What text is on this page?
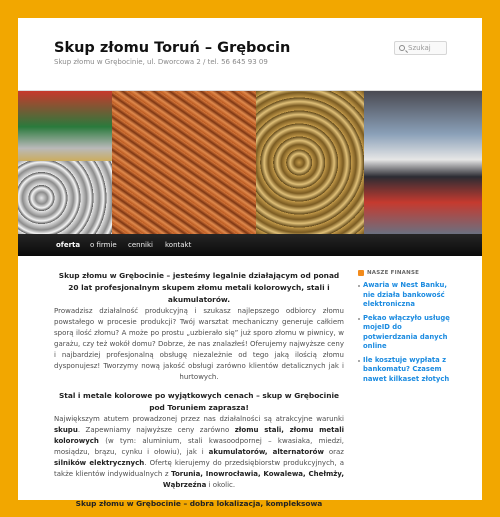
Skup złomu Toruń – Grębocin
Skup złomu w Grębocinie, ul. Dworcowa 2 / tel. 56 645 93 09
Szukaj
oferta	o firmie	cenniki	kontakt
Skup złomu w Grębocinie – jesteśmy legalnie działającym od ponad 20 lat profesjonalnym skupem złomu metali kolorowych, stali i akumulatorów.

Prowadzisz działalność produkcyjną i szukasz najlepszego odbiorcy złomu powstałego w procesie produkcji? Twój warsztat mechaniczny generuje całkiem sporą ilość złomu? A może po prostu „uzbierało się” już sporo złomu w piwnicy, w garażu, czy też wokół domu? Dobrze, że nas znalazłeś! Oferujemy najwyższe ceny i najbardziej profesjonalną obsługę niezależnie od tego jaką ilością złomu dysponujesz! Tworzymy nową jakość obsługi zarówno klientów detalicznych jak i hurtowych.

Stal i metale kolorowe po wyjątkowych cenach – skup w Grębocinie pod Toruniem zaprasza!

Największym atutem prowadzonej przez nas działalności są atrakcyjne warunki skupu. Zapewniamy najwyższe ceny zarówno złomu stali, złomu metali kolorowych (w tym: aluminium, stali kwasoodpornej – kwasiaka, miedzi, mosiądzu, brązu, cynku i ołowiu), jak i akumulatorów, alternatorów oraz silników elektrycznych. Ofertę kierujemy do przedsiębiorstw produkcyjnych, a także klientów indywidualnych z Torunia, Inowrocławia, Kowalewa, Chełmży, Wąbrzeźna i okolic.

Skup złomu w Grębocinie – dobra lokalizacja, kompleksowa
NASZE FINANSE
Awaria w Nest Banku, nie działa bankowość elektroniczna
Pekao włączyło usługę mojeID do potwierdzania danych online
Ile kosztuje wypłata z bankomatu? Czasem nawet kilkaset złotych
